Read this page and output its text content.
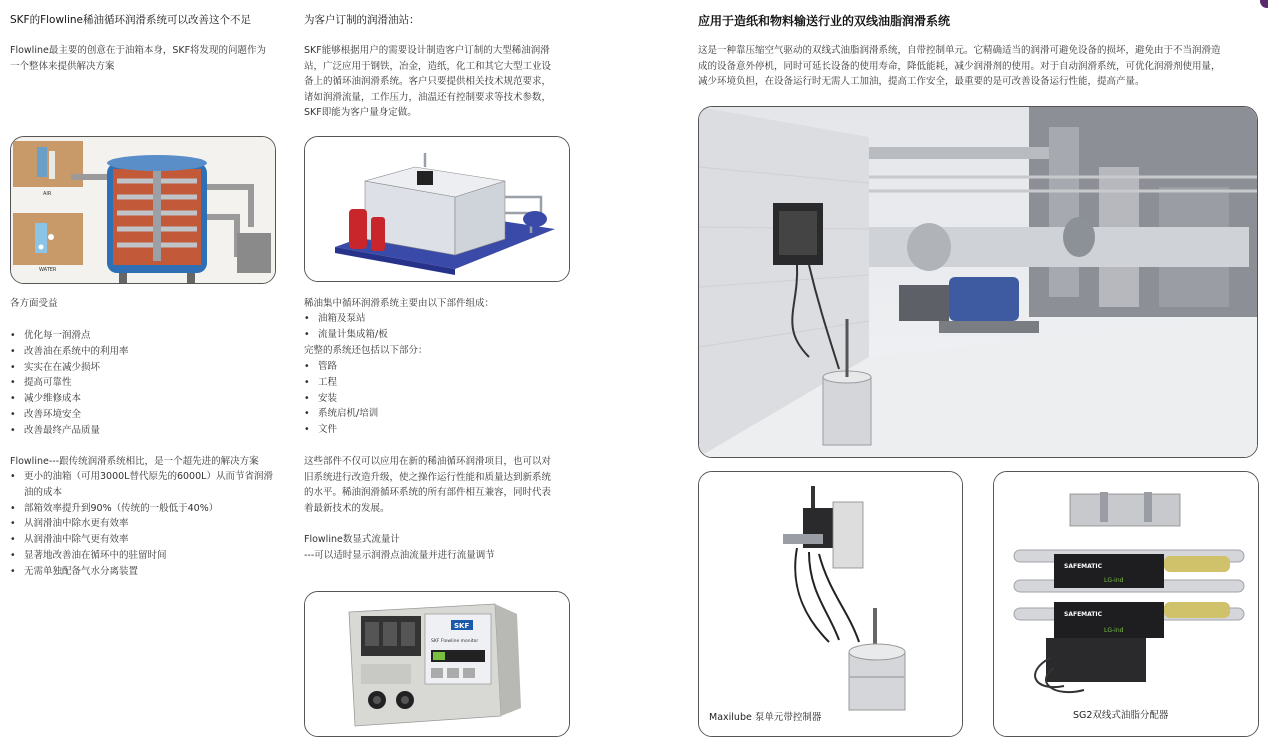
SKF的Flowline稀油循环润滑系统可以改善这个不足
Flowline最主要的创意在于油箱本身，SKF将发现的问题作为
一个整体来提供解决方案
AIR
WATER
各方面受益
• 优化每一润滑点
• 改善油在系统中的利用率
• 实实在在减少损坏
• 提高可靠性
• 减少维修成本
• 改善环境安全
• 改善最终产品质量
Flowline---跟传统润滑系统相比，是一个超先进的解决方案
• 更小的油箱（可用3000L替代原先的6000L）从而节省润滑
油的成本
• 部箱效率提升到90%（传统的一般低于40%）
• 从润滑油中除水更有效率
• 从润滑油中除气更有效率
• 显著地改善油在循环中的驻留时间
• 无需单独配备气水分离装置
为客户订制的润滑油站：
SKF能够根据用户的需要设计制造客户订制的大型稀油润滑
站，广泛应用于钢铁，冶金，造纸，化工和其它大型工业设
备上的循环油润滑系统。客户只要提供相关技术规范要求，
诸如润滑流量，工作压力，油温还有控制要求等技术参数，
SKF即能为客户量身定做。
稀油集中循环润滑系统主要由以下部件组成：
• 油箱及泵站
• 流量计集成箱/板
完整的系统还包括以下部分：
• 管路
• 工程
• 安装
• 系统启机/培训
• 文件
这些部件不仅可以应用在新的稀油循环润滑项目，也可以对
旧系统进行改造升级，使之操作运行性能和质量达到新系统
的水平。稀油润滑循环系统的所有部件相互兼容，同时代表
着最新技术的发展。
Flowline数显式流量计
---可以适时显示润滑点油流量并进行流量调节
SKF
SKF Flowline monitor
应用于造纸和物料输送行业的双线油脂润滑系统
这是一种靠压缩空气驱动的双线式油脂润滑系统，自带控制单元。它精确适当的润滑可避免设备的损坏，避免由于不当润滑造
成的设备意外停机，同时可延长设备的使用寿命，降低能耗，减少润滑剂的使用。对于自动润滑系统，可优化润滑剂使用量，
减少环境负担，在设备运行时无需人工加油，提高工作安全，最重要的是可改善设备运行性能，提高产量。
Maxilube 泵单元带控制器
SAFEMATIC
LG-ind
SAFEMATIC
LG-ind
SG2双线式油脂分配器
